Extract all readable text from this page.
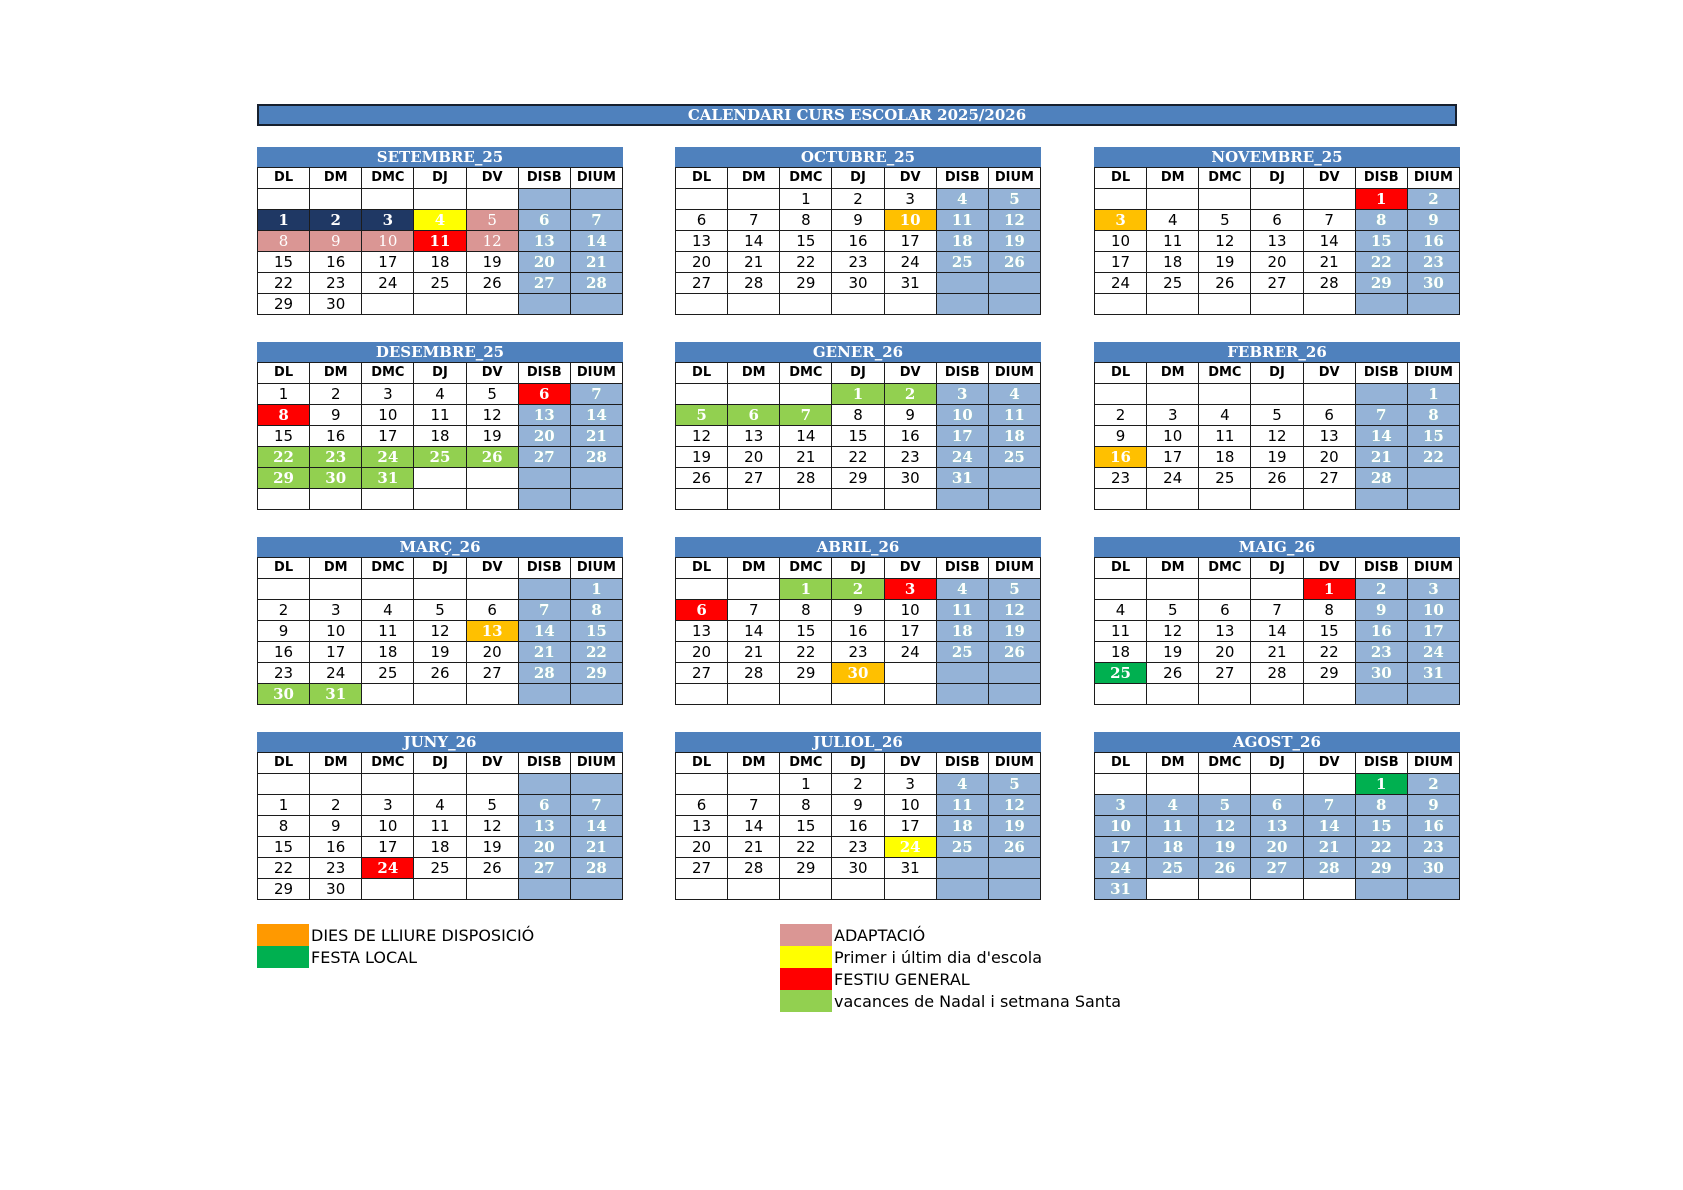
CALENDARI CURS ESCOLAR 2025/2026
SETEMBRE_25
DL	DM	DMC	DJ	DV	DISB	DIUM

1	2	3	4	5	6	7
8	9	10	11	12	13	14
15	16	17	18	19	20	21
22	23	24	25	26	27	28
29	30					
OCTUBRE_25
DL	DM	DMC	DJ	DV	DISB	DIUM
		1	2	3	4	5
6	7	8	9	10	11	12
13	14	15	16	17	18	19
20	21	22	23	24	25	26
27	28	29	30	31		

NOVEMBRE_25
DL	DM	DMC	DJ	DV	DISB	DIUM
					1	2
3	4	5	6	7	8	9
10	11	12	13	14	15	16
17	18	19	20	21	22	23
24	25	26	27	28	29	30

DESEMBRE_25
DL	DM	DMC	DJ	DV	DISB	DIUM
1	2	3	4	5	6	7
8	9	10	11	12	13	14
15	16	17	18	19	20	21
22	23	24	25	26	27	28
29	30	31				

GENER_26
DL	DM	DMC	DJ	DV	DISB	DIUM
			1	2	3	4
5	6	7	8	9	10	11
12	13	14	15	16	17	18
19	20	21	22	23	24	25
26	27	28	29	30	31	

FEBRER_26
DL	DM	DMC	DJ	DV	DISB	DIUM
						1
2	3	4	5	6	7	8
9	10	11	12	13	14	15
16	17	18	19	20	21	22
23	24	25	26	27	28	

MARÇ_26
DL	DM	DMC	DJ	DV	DISB	DIUM
						1
2	3	4	5	6	7	8
9	10	11	12	13	14	15
16	17	18	19	20	21	22
23	24	25	26	27	28	29
30	31					
ABRIL_26
DL	DM	DMC	DJ	DV	DISB	DIUM
		1	2	3	4	5
6	7	8	9	10	11	12
13	14	15	16	17	18	19
20	21	22	23	24	25	26
27	28	29	30			

MAIG_26
DL	DM	DMC	DJ	DV	DISB	DIUM
				1	2	3
4	5	6	7	8	9	10
11	12	13	14	15	16	17
18	19	20	21	22	23	24
25	26	27	28	29	30	31

JUNY_26
DL	DM	DMC	DJ	DV	DISB	DIUM

1	2	3	4	5	6	7
8	9	10	11	12	13	14
15	16	17	18	19	20	21
22	23	24	25	26	27	28
29	30					
JULIOL_26
DL	DM	DMC	DJ	DV	DISB	DIUM
		1	2	3	4	5
6	7	8	9	10	11	12
13	14	15	16	17	18	19
20	21	22	23	24	25	26
27	28	29	30	31		

AGOST_26
DL	DM	DMC	DJ	DV	DISB	DIUM
					1	2
3	4	5	6	7	8	9
10	11	12	13	14	15	16
17	18	19	20	21	22	23
24	25	26	27	28	29	30
31						
DIES DE LLIURE DISPOSICIÓ
FESTA LOCAL
ADAPTACIÓ
Primer i últim dia d'escola
FESTIU GENERAL
vacances de Nadal i setmana Santa
